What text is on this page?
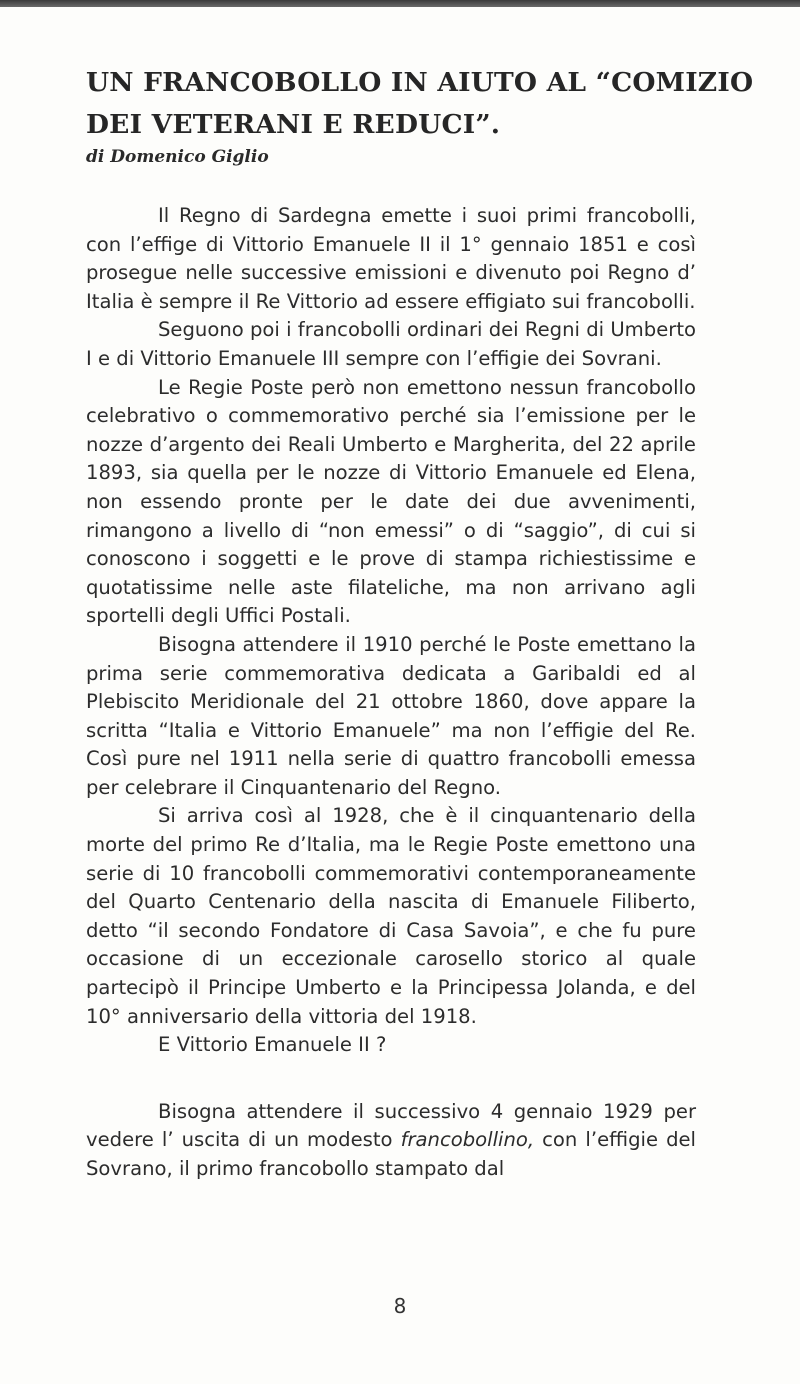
UN FRANCOBOLLO IN AIUTO AL “COMIZIO
DEI VETERANI E REDUCI”.
di Domenico Giglio

Il Regno di Sardegna emette i suoi primi francobolli, con l’effige di Vittorio Emanuele II il 1° gennaio 1851 e così prosegue nelle successive emissioni e divenuto poi Regno d’ Italia è sempre il Re Vittorio ad essere effigiato sui francobolli.

Seguono poi i francobolli ordinari dei Regni di Umberto I e di Vittorio Emanuele III sempre con l’effigie dei Sovrani.

Le Regie Poste però non emettono nessun francobollo celebrativo o commemorativo perché sia l’emissione per le nozze d’argento dei Reali Umberto e Margherita, del 22 aprile 1893, sia quella per le nozze di Vittorio Emanuele ed Elena, non essendo pronte per le date dei due avvenimenti, rimangono a livello di “non emessi” o di “saggio”, di cui si conoscono i soggetti e le prove di stampa richiestissime e quotatissime nelle aste filateliche, ma non arrivano agli sportelli degli Uffici Postali.

Bisogna attendere il 1910 perché le Poste emettano la prima serie commemorativa dedicata a Garibaldi ed al Plebiscito Meridionale del 21 ottobre 1860, dove appare la scritta “Italia e Vittorio Emanuele” ma non l’effigie del Re. Così pure nel 1911 nella serie di quattro francobolli emessa per celebrare il Cinquantenario del Regno.

Si arriva così al 1928, che è il cinquantenario della morte del primo Re d’Italia, ma le Regie Poste emettono una serie di 10 francobolli commemorativi contemporaneamente del Quarto Centenario della nascita di Emanuele Filiberto, detto “il secondo Fondatore di Casa Savoia”, e che fu pure occasione di un eccezionale carosello storico al quale partecipò il Principe Umberto e la Principessa Jolanda, e del 10° anniversario della vittoria del 1918.

E Vittorio Emanuele II ?

Bisogna attendere il successivo 4 gennaio 1929 per vedere l’ uscita di un modesto francobollino, con l’effigie del Sovrano, il primo francobollo stampato dal

8
